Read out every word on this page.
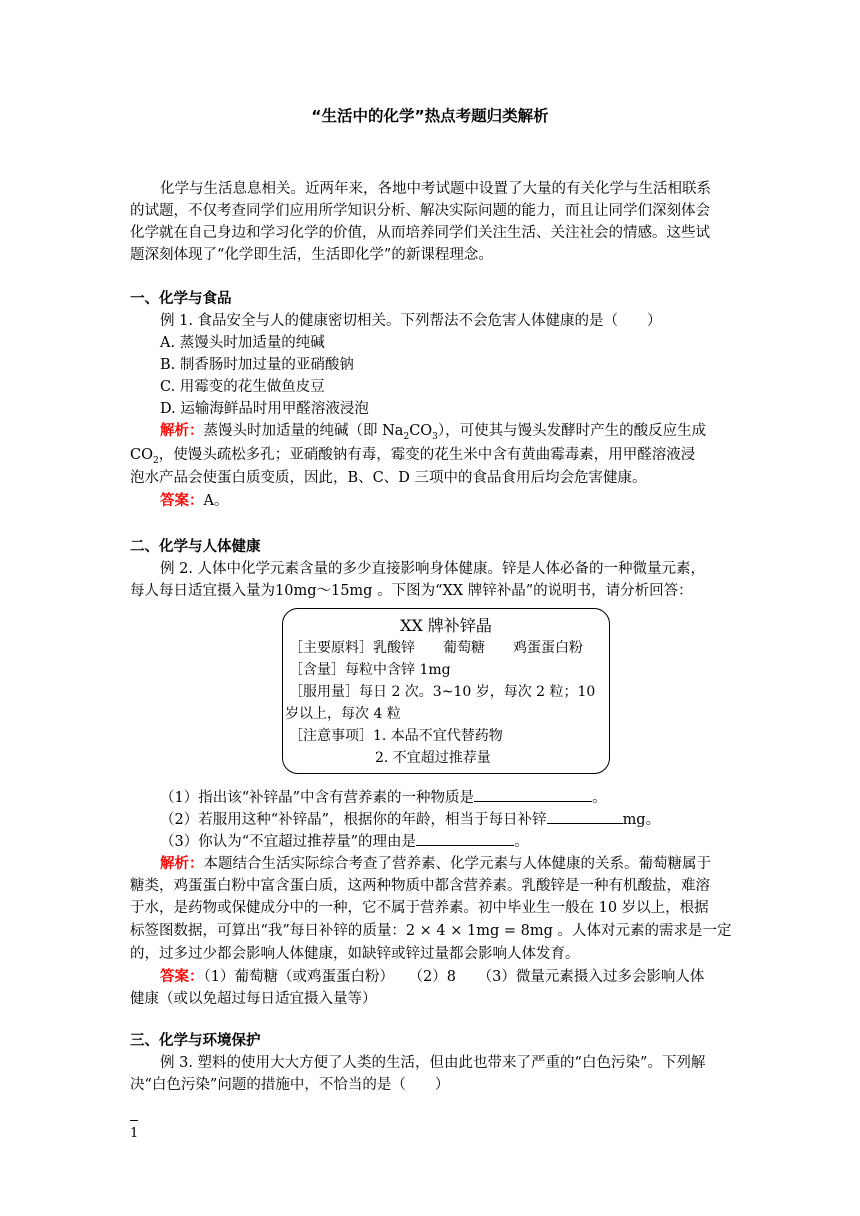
“生活中的化学”热点考题归类解析
化学与生活息息相关。近两年来，各地中考试题中设置了大量的有关化学与生活相联系
的试题，不仅考查同学们应用所学知识分析、解决实际问题的能力，而且让同学们深刻体会
化学就在自己身边和学习化学的价值，从而培养同学们关注生活、关注社会的情感。这些试
题深刻体现了“化学即生活，生活即化学”的新课程理念。
一、化学与食品
例 1. 食品安全与人的健康密切相关。下列帮法不会危害人体健康的是（　　）
A. 蒸馒头时加适量的纯碱
B. 制香肠时加过量的亚硝酸钠
C. 用霉变的花生做鱼皮豆
D. 运输海鲜品时用甲醛溶液浸泡
解析：蒸馒头时加适量的纯碱（即 $Na_2CO_3$），可使其与馒头发酵时产生的酸反应生成
$CO_2$，使馒头疏松多孔；亚硝酸钠有毒，霉变的花生米中含有黄曲霉毒素，用甲醛溶液浸
泡水产品会使蛋白质变质，因此，B、C、D 三项中的食品食用后均会危害健康。
答案：A。
二、化学与人体健康
例 2. 人体中化学元素含量的多少直接影响身体健康。锌是人体必备的一种微量元素，
每人每日适宜摄入量为10mg～15mg 。下图为“XX 牌锌补晶”的说明书，请分析回答：
XX 牌补锌晶
［主要原料］乳酸锌　　葡萄糖　　鸡蛋蛋白粉
［含量］每粒中含锌 1mg
［服用量］每日 2 次。3~10 岁，每次 2 粒；10
岁以上，每次 4 粒
［注意事项］1. 本品不宜代替药物
2. 不宜超过推荐量
（1）指出该“补锌晶”中含有营养素的一种物质是	。
（2）若服用这种“补锌晶”，根据你的年龄，相当于每日补锌	mg。
（3）你认为“不宜超过推荐量”的理由是	。
解析：本题结合生活实际综合考查了营养素、化学元素与人体健康的关系。葡萄糖属于
糖类，鸡蛋蛋白粉中富含蛋白质，这两种物质中都含营养素。乳酸锌是一种有机酸盐，难溶
于水，是药物或保健成分中的一种，它不属于营养素。初中毕业生一般在 10 岁以上，根据
标签图数据，可算出“我”每日补锌的质量：2 × 4 × 1mg = 8mg 。人体对元素的需求是一定
的，过多过少都会影响人体健康，如缺锌或锌过量都会影响人体发育。
答案：（1）葡萄糖（或鸡蛋蛋白粉）　　（2）8　　（3）微量元素摄入过多会影响人体
健康（或以免超过每日适宜摄入量等）
三、化学与环境保护
例 3. 塑料的使用大大方便了人类的生活，但由此也带来了严重的“白色污染”。下列解
决“白色污染”问题的措施中，不恰当的是（　　）
1
